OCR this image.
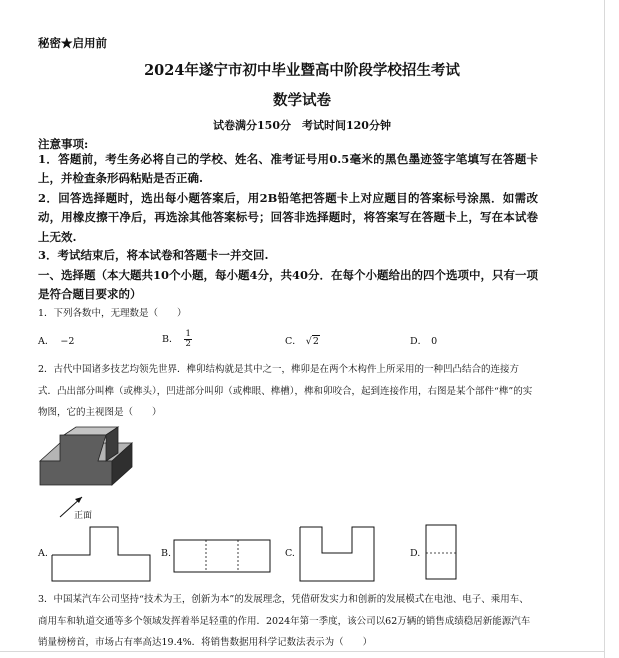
秘密★启用前
2024年遂宁市初中毕业暨高中阶段学校招生考试
数学试卷
试卷满分150分　考试时间120分钟
注意事项:
1．答题前，考生务必将自己的学校、姓名、准考证号用0.5毫米的黑色墨迹签字笔填写在答题卡上，并检查条形码粘贴是否正确.
2．回答选择题时，选出每小题答案后，用2B铅笔把答题卡上对应题目的答案标号涂黑．如需改动，用橡皮擦干净后，再选涂其他答案标号；回答非选择题时，将答案写在答题卡上，写在本试卷上无效.
3．考试结束后，将本试卷和答题卡一并交回.
一、选择题（本大题共10个小题，每小题4分，共40分．在每个小题给出的四个选项中，只有一项是符合题目要求的）
1．下列各数中，无理数是（　　）
A． −2	B． $\frac{1}{2}$	C． √2	D． 0
2．古代中国诸多技艺均领先世界．榫卯结构就是其中之一，榫卯是在两个木构件上所采用的一种凹凸结合的连接方式．凸出部分叫榫（或榫头），凹进部分叫卯（或榫眼、榫槽），榫和卯咬合，起到连接作用，右图是某个部件“榫”的实物图，它的主视图是（　　）
正面
A.	B.	C.	D.
3．中国某汽车公司坚持“技术为王，创新为本”的发展理念，凭借研发实力和创新的发展模式在电池、电子、乘用车、商用车和轨道交通等多个领域发挥着举足轻重的作用．2024年第一季度，该公司以62万辆的销售成绩稳居新能源汽车销量榜榜首，市场占有率高达19.4%．将销售数据用科学记数法表示为（　　）
